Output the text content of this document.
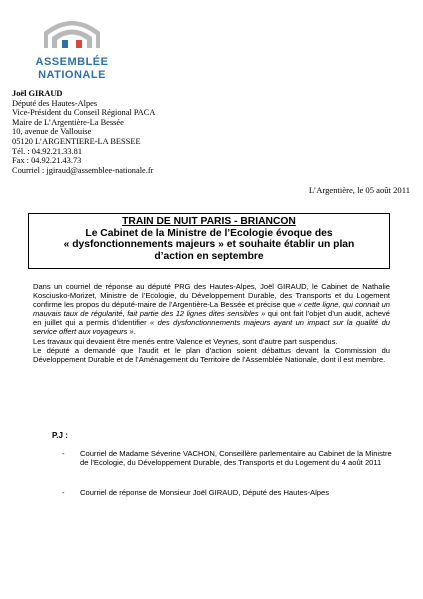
ASSEMBLÉE
NATIONALE
Joël GIRAUD
Député des Hautes-Alpes
Vice-Président du Conseil Régional PACA
Maire de L’Argentière-La Bessée
10, avenue de Vallouise
05120 L’ARGENTIERE-LA BESSEE
Tél. : 04.92.21.33.81
Fax : 04.92.21.43.73
Courriel : jgiraud@assemblee-nationale.fr
L’Argentière, le 05 août 2011
TRAIN DE NUIT PARIS - BRIANCON
Le Cabinet de la Ministre de l’Ecologie évoque des
« dysfonctionnements majeurs » et souhaite établir un plan
d’action en septembre

Dans un courriel de réponse au député PRG des Hautes-Alpes, Joël GIRAUD, le Cabinet de Nathalie Kosciusko-Morizet, Ministre de l’Ecologie, du Développement Durable, des Transports et du Logement confirme les propos du député-maire de l’Argentière-La Bessée et précise que « cette ligne, qui connait un mauvais taux de régularité, fait partie des 12 lignes dites sensibles » qui ont fait l’objet d’un audit, achevé en juillet qui a permis d’identifier « des dysfonctionnements majeurs ayant un impact sur la qualité du service offert aux voyageurs ».

Les travaux qui devaient être menés entre Valence et Veynes, sont d’autre part suspendus.

Le député a demandé que l’audit et le plan d’action soient débattus devant la Commission du Développement Durable et de l’Aménagement du Territoire de l’Assemblée Nationale, dont il est membre.

P.J :
- Courriel de Madame Séverine VACHON, Conseillère parlementaire au Cabinet de la Ministre de l’Ecologie, du Développement Durable, des Transports et du Logement du 4 août 2011
- Courriel de réponse de Monsieur Joël GIRAUD, Député des Hautes-Alpes
